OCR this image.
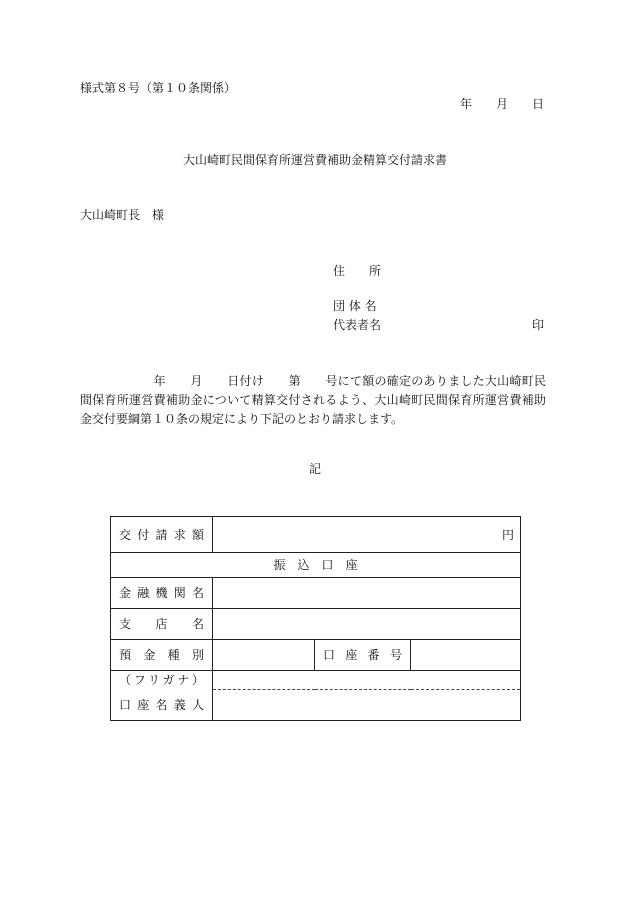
様式第８号（第１０条関係）
年　　月　　日
大山崎町民間保育所運営費補助金精算交付請求書
大山崎町長　様
住　　所
団 体 名
代表者名	印
　　　　　　年　　月　　日付け　　第　　号にて額の確定のありました大山崎町民間保育所運営費補助金について精算交付されるよう、大山崎町民間保育所運営費補助金交付要綱第１０条の規定により下記のとおり請求します。
記
交付請求額	円		
振　込　口　座			
金融機関名			
支　店　名			
預金種別		口座番号	
（フリガナ）			
口座名義人			
